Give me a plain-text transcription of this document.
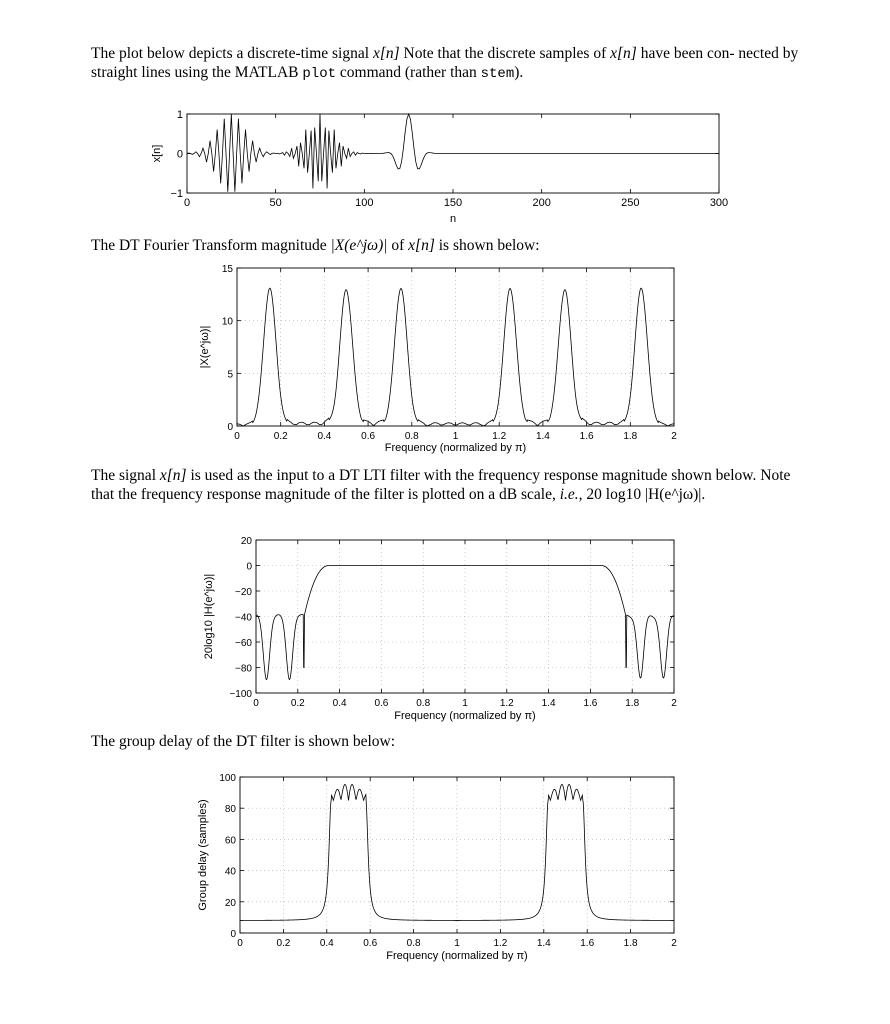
The plot below depicts a discrete-time signal x[n] Note that the discrete samples of x[n] have been con- nected by straight lines using the MATLAB plot command (rather than stem).
0	50	100	150	200	250	300
−1
0
1
n
x[n]
The DT Fourier Transform magnitude |X(e^jω)| of x[n] is shown below:
0	0.2	0.4	0.6	0.8	1	1.2	1.4	1.6	1.8	2
0
5
10
15
Frequency (normalized by π)
|X(e^jω)|
The signal x[n] is used as the input to a DT LTI filter with the frequency response magnitude shown below. Note that the frequency response magnitude of the filter is plotted on a dB scale, i.e., 20 log10 |H(e^jω)|.
0	0.2	0.4	0.6	0.8	1	1.2	1.4	1.6	1.8	2
−100
−80
−60
−40
−20
0
20
Frequency (normalized by π)
20log10 |H(e^jω)|
The group delay of the DT filter is shown below:
0	0.2	0.4	0.6	0.8	1	1.2	1.4	1.6	1.8	2
0
20
40
60
80
100
Frequency (normalized by π)
Group delay (samples)
